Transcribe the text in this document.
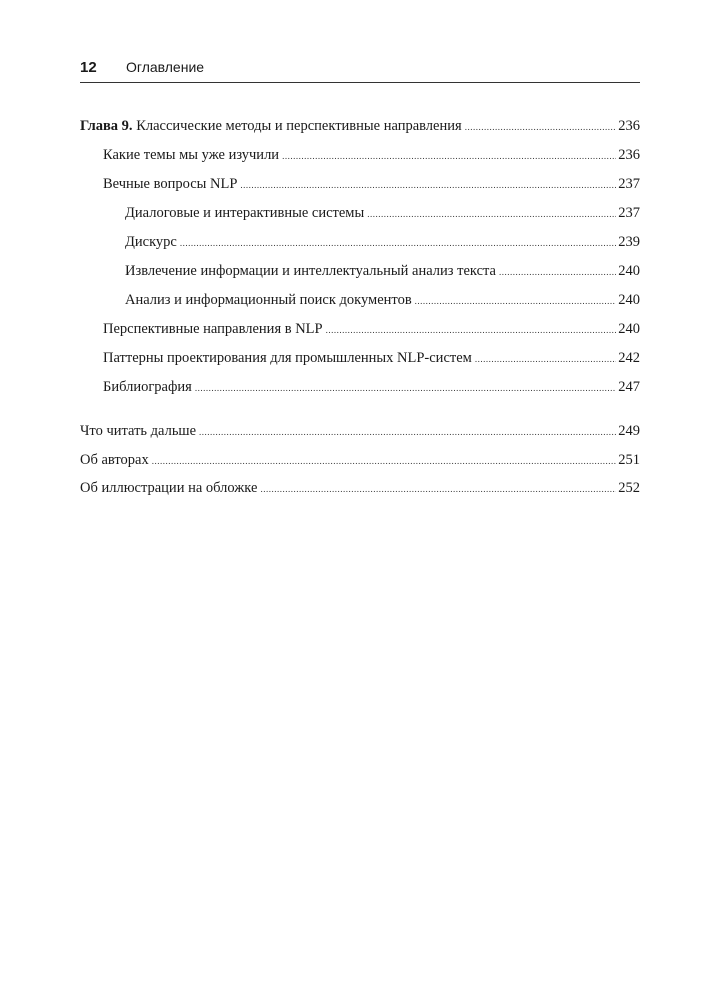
12	Оглавление
Глава 9. Классические методы и перспективные направления .....	236
Какие темы мы уже изучили .....	236
Вечные вопросы NLP .....	237
Диалоговые и интерактивные системы .....	237
Дискурс .....	239
Извлечение информации и интеллектуальный анализ текста .....	240
Анализ и информационный поиск документов .....	240
Перспективные направления в NLP .....	240
Паттерны проектирования для промышленных NLP-систем .....	242
Библиография .....	247
Что читать дальше .....	249
Об авторах .....	251
Об иллюстрации на обложке .....	252
